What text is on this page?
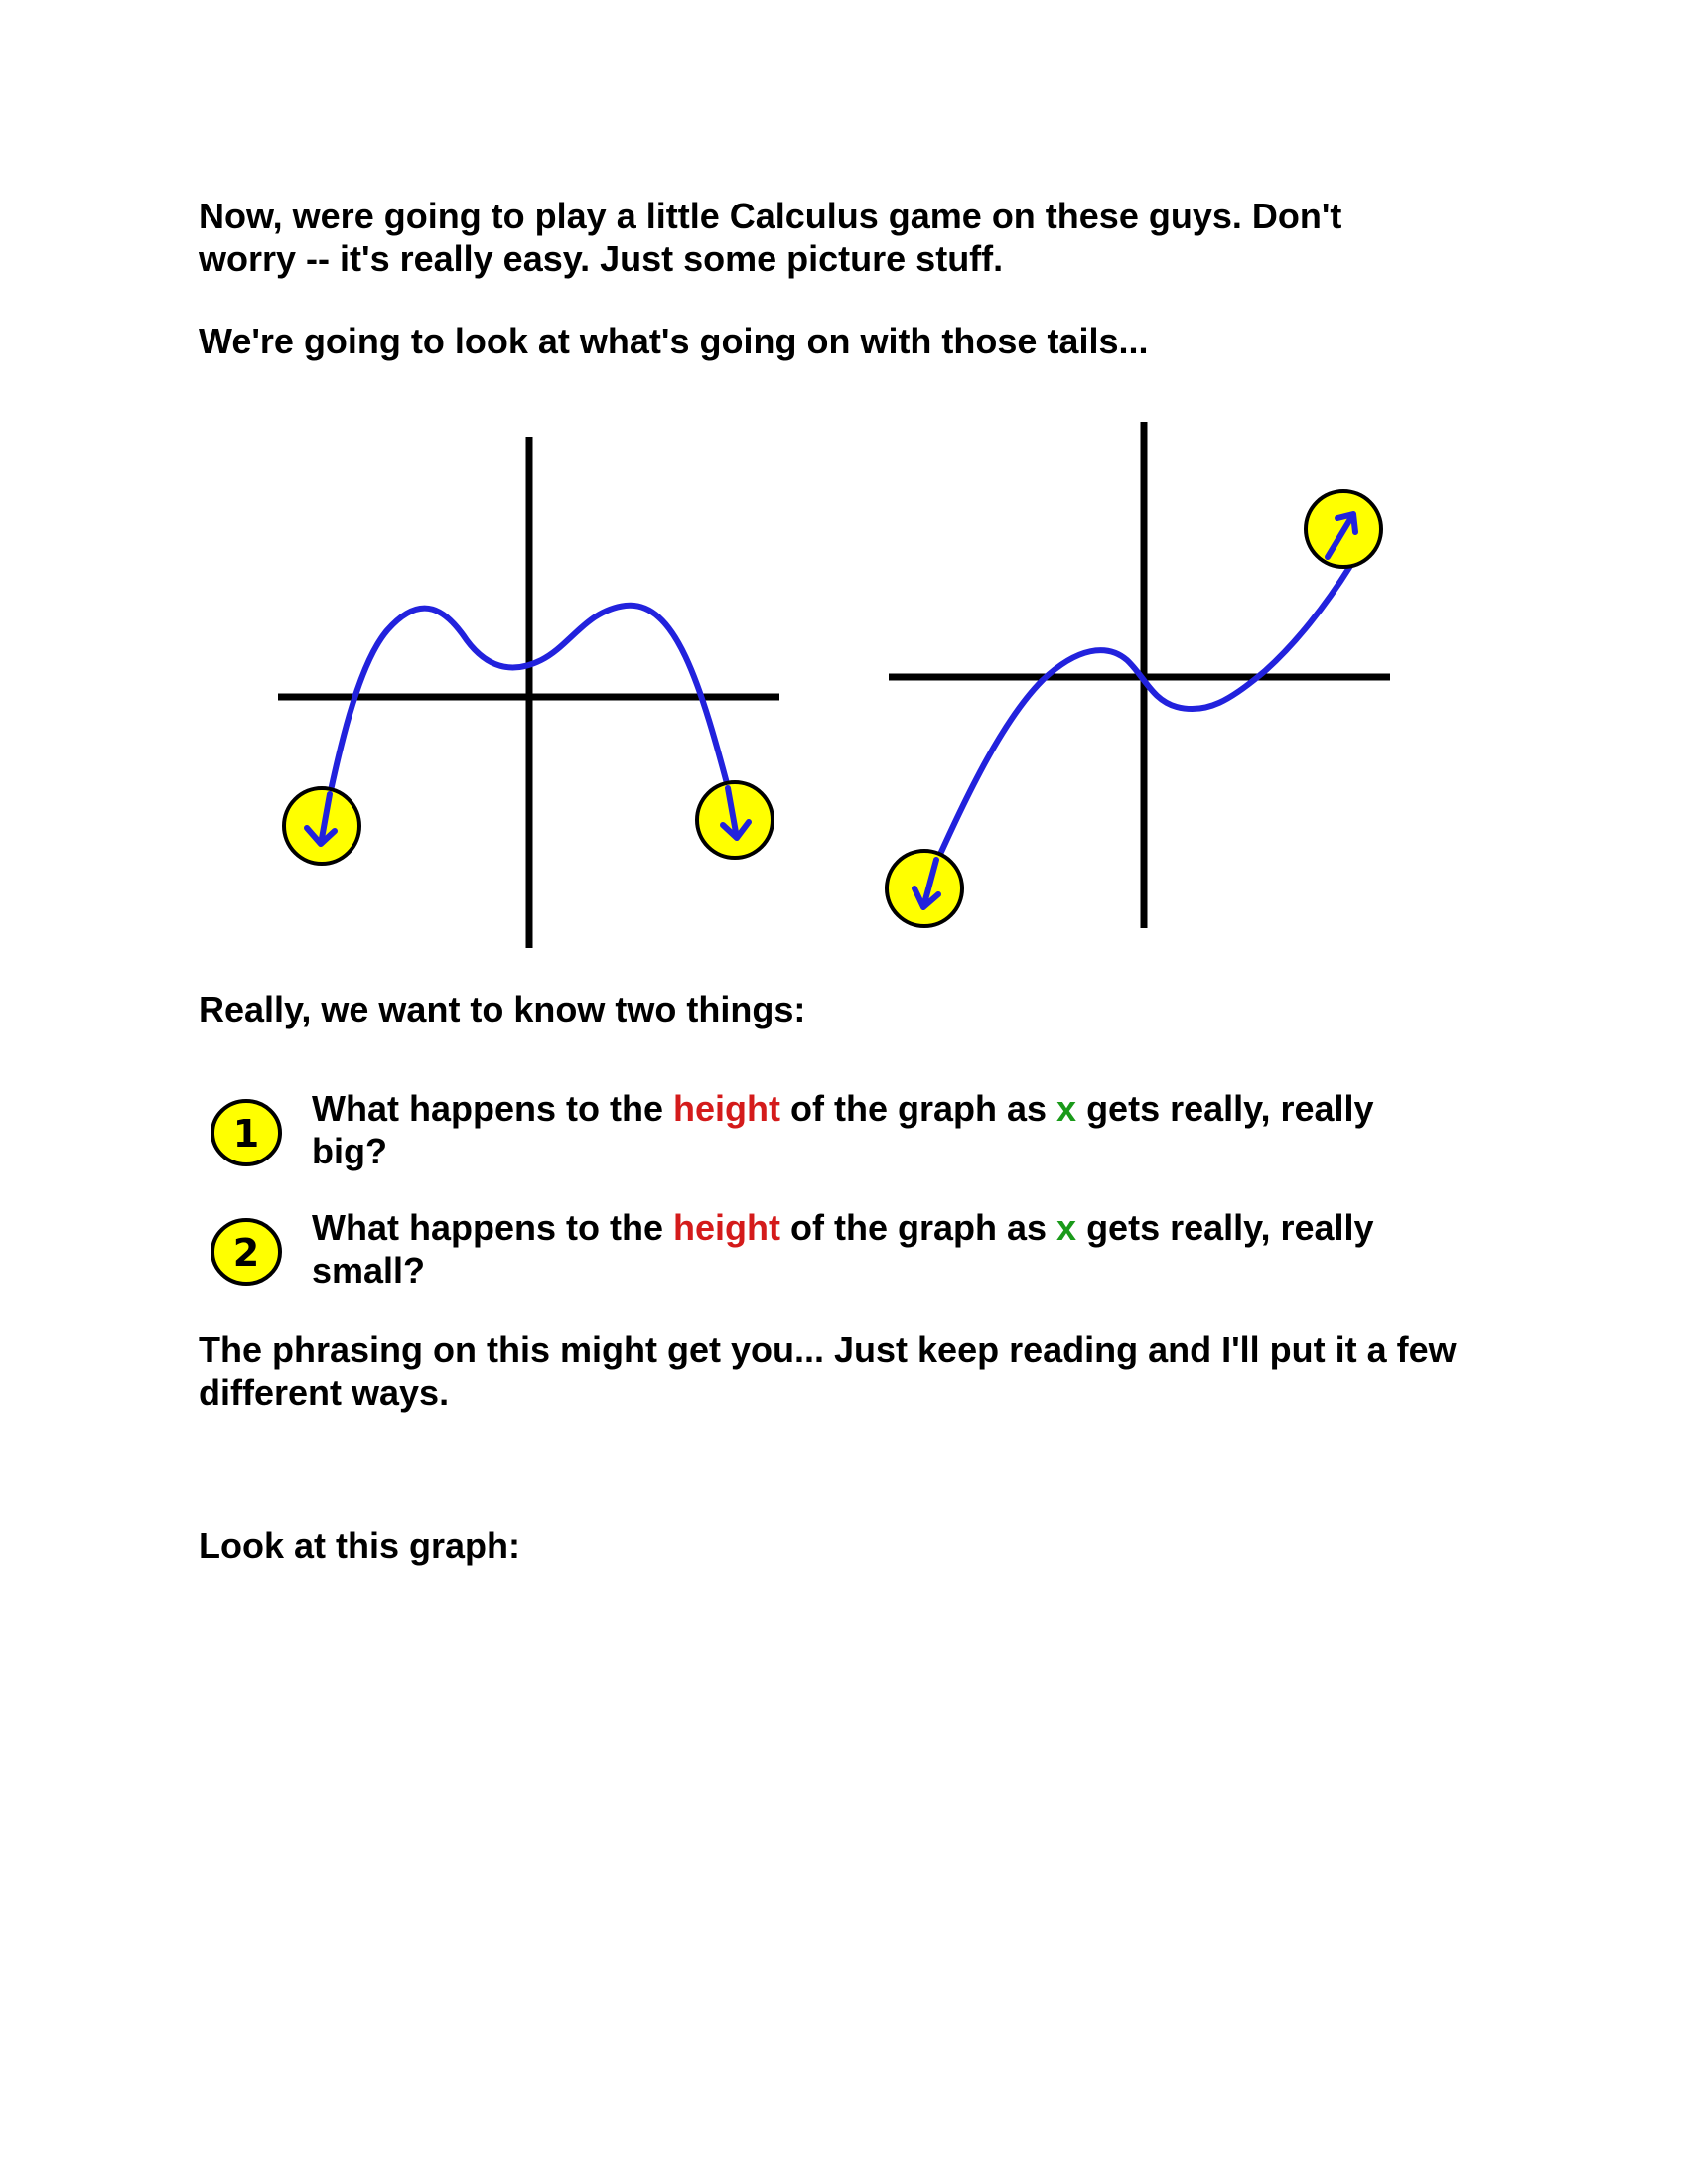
Now, were going to play a little Calculus game on these guys. Don't worry -- it's really easy. Just some picture stuff.

We're going to look at what's going on with those tails...

Really, we want to know two things:

1

What happens to the height of the graph as x gets really, really big?

2

What happens to the height of the graph as x gets really, really small?

The phrasing on this might get you... Just keep reading and I'll put it a few different ways.

Look at this graph:
